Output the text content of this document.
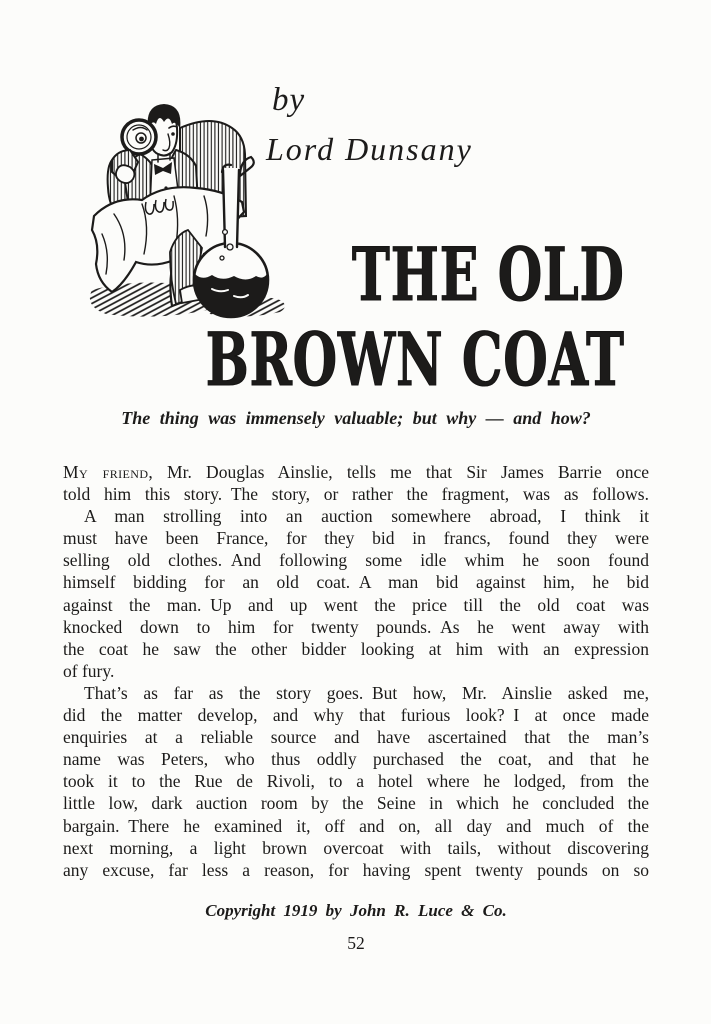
by
Lord Dunsany
THE OLD
BROWN COAT
The thing was immensely valuable; but why — and how?
My friend, Mr. Douglas Ainslie, tells me that Sir James Barrie once
told him this story. The story, or rather the fragment, was as follows.
A man strolling into an auction somewhere abroad, I think it
must have been France, for they bid in francs, found they were
selling old clothes. And following some idle whim he soon found
himself bidding for an old coat. A man bid against him, he bid
against the man. Up and up went the price till the old coat was
knocked down to him for twenty pounds. As he went away with
the coat he saw the other bidder looking at him with an expression
of fury.
That’s as far as the story goes. But how, Mr. Ainslie asked me,
did the matter develop, and why that furious look? I at once made
enquiries at a reliable source and have ascertained that the man’s
name was Peters, who thus oddly purchased the coat, and that he
took it to the Rue de Rivoli, to a hotel where he lodged, from the
little low, dark auction room by the Seine in which he concluded the
bargain. There he examined it, off and on, all day and much of the
next morning, a light brown overcoat with tails, without discovering
any excuse, far less a reason, for having spent twenty pounds on so
Copyright 1919 by John R. Luce & Co.
52
